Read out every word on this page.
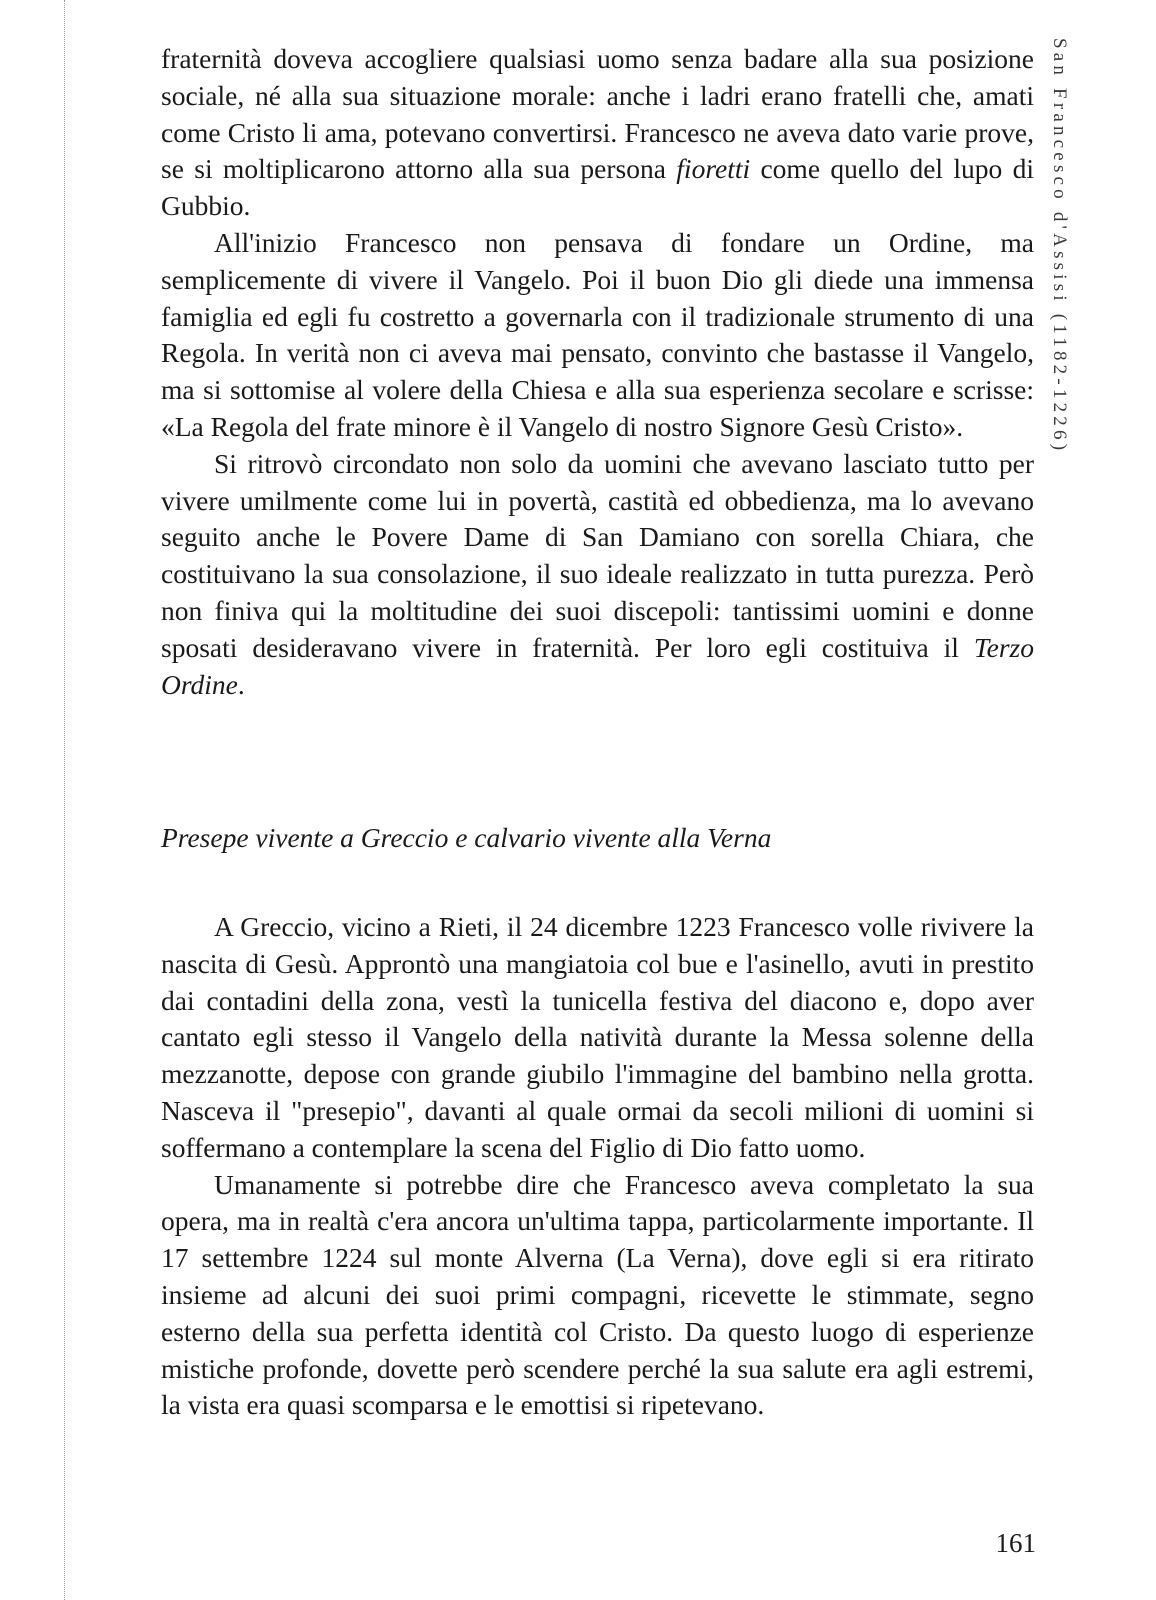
San Francesco d'Assisi (1182-1226)

fraternità doveva accogliere qualsiasi uomo senza badare alla sua posizione sociale, né alla sua situazione morale: anche i ladri erano fratelli che, amati come Cristo li ama, potevano convertirsi. Francesco ne aveva dato varie prove, se si moltiplicarono attorno alla sua persona fioretti come quello del lupo di Gubbio.

All'inizio Francesco non pensava di fondare un Ordine, ma semplicemente di vivere il Vangelo. Poi il buon Dio gli diede una immensa famiglia ed egli fu costretto a governarla con il tradizionale strumento di una Regola. In verità non ci aveva mai pensato, convinto che bastasse il Vangelo, ma si sottomise al volere della Chiesa e alla sua esperienza secolare e scrisse: «La Regola del frate minore è il Vangelo di nostro Signore Gesù Cristo».

Si ritrovò circondato non solo da uomini che avevano lasciato tutto per vivere umilmente come lui in povertà, castità ed obbedienza, ma lo avevano seguito anche le Povere Dame di San Damiano con sorella Chiara, che costituivano la sua consolazione, il suo ideale realizzato in tutta purezza. Però non finiva qui la moltitudine dei suoi discepoli: tantissimi uomini e donne sposati desideravano vivere in fraternità. Per loro egli costituiva il Terzo Ordine.

Presepe vivente a Greccio e calvario vivente alla Verna

A Greccio, vicino a Rieti, il 24 dicembre 1223 Francesco volle rivivere la nascita di Gesù. Approntò una mangiatoia col bue e l'asinello, avuti in prestito dai contadini della zona, vestì la tunicella festiva del diacono e, dopo aver cantato egli stesso il Vangelo della natività durante la Messa solenne della mezzanotte, depose con grande giubilo l'immagine del bambino nella grotta. Nasceva il "presepio", davanti al quale ormai da secoli milioni di uomini si soffermano a contemplare la scena del Figlio di Dio fatto uomo.

Umanamente si potrebbe dire che Francesco aveva completato la sua opera, ma in realtà c'era ancora un'ultima tappa, particolarmente importante. Il 17 settembre 1224 sul monte Alverna (La Verna), dove egli si era ritirato insieme ad alcuni dei suoi primi compagni, ricevette le stimmate, segno esterno della sua perfetta identità col Cristo. Da questo luogo di esperienze mistiche profonde, dovette però scendere perché la sua salute era agli estremi, la vista era quasi scomparsa e le emottisi si ripetevano.

161
